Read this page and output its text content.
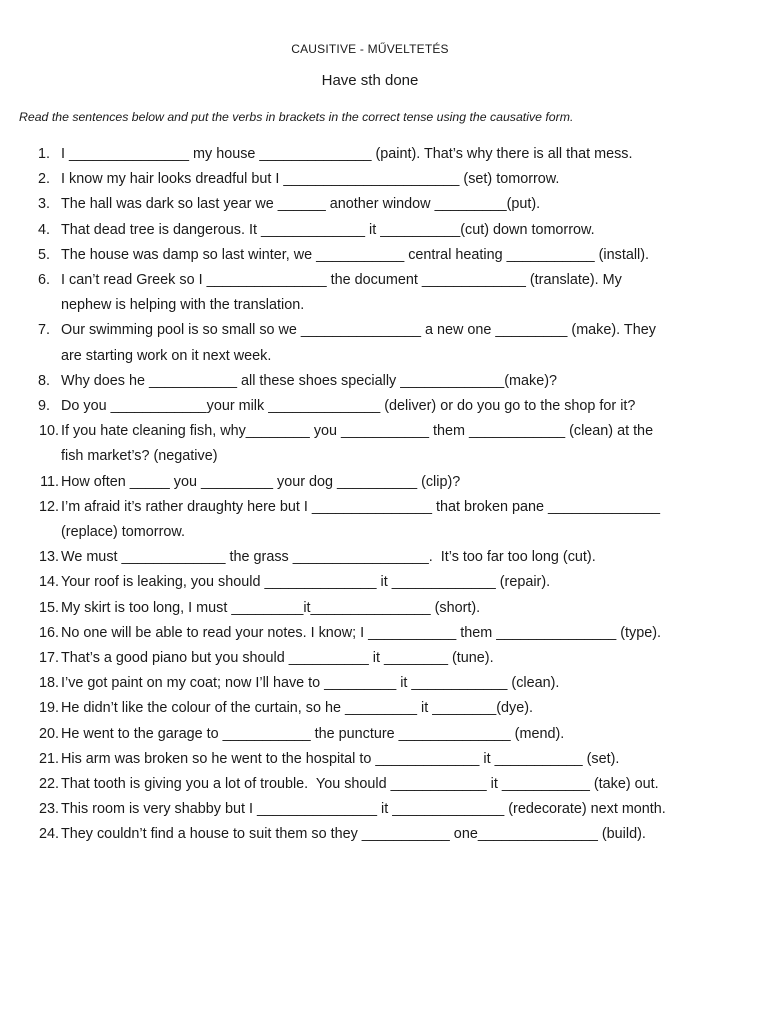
CAUSITIVE - MŰVELTETÉS
Have sth done
Read the sentences below and put the verbs in brackets in the correct tense using the causative form.
1. I _______________ my house ______________ (paint). That’s why there is all that mess.
2. I know my hair looks dreadful but I ______________________ (set) tomorrow.
3. The hall was dark so last year we ______ another window _________(put).
4. That dead tree is dangerous. It _____________ it __________(cut) down tomorrow.
5. The house was damp so last winter, we ___________ central heating ___________ (install).
6. I can’t read Greek so I _______________ the document _____________ (translate). My
nephew is helping with the translation.
7. Our swimming pool is so small so we _______________ a new one _________ (make). They
are starting work on it next week.
8. Why does he ___________ all these shoes specially _____________(make)?
9. Do you ____________your milk ______________ (deliver) or do you go to the shop for it?
10. If you hate cleaning fish, why________ you ___________ them ____________ (clean) at the
fish market’s? (negative)
11. How often _____ you _________ your dog __________ (clip)?
12. I’m afraid it’s rather draughty here but I _______________ that broken pane ______________
(replace) tomorrow.
13. We must _____________ the grass _________________.  It’s too far too long (cut).
14. Your roof is leaking, you should ______________ it _____________ (repair).
15. My skirt is too long, I must _________it_______________ (short).
16. No one will be able to read your notes. I know; I ___________ them _______________ (type).
17. That’s a good piano but you should __________ it ________ (tune).
18. I’ve got paint on my coat; now I’ll have to _________ it ____________ (clean).
19. He didn’t like the colour of the curtain, so he _________ it ________(dye).
20. He went to the garage to ___________ the puncture ______________ (mend).
21. His arm was broken so he went to the hospital to _____________ it ___________ (set).
22. That tooth is giving you a lot of trouble.  You should ____________ it ___________ (take) out.
23. This room is very shabby but I _______________ it ______________ (redecorate) next month.
24. They couldn’t find a house to suit them so they ___________ one_______________ (build).
